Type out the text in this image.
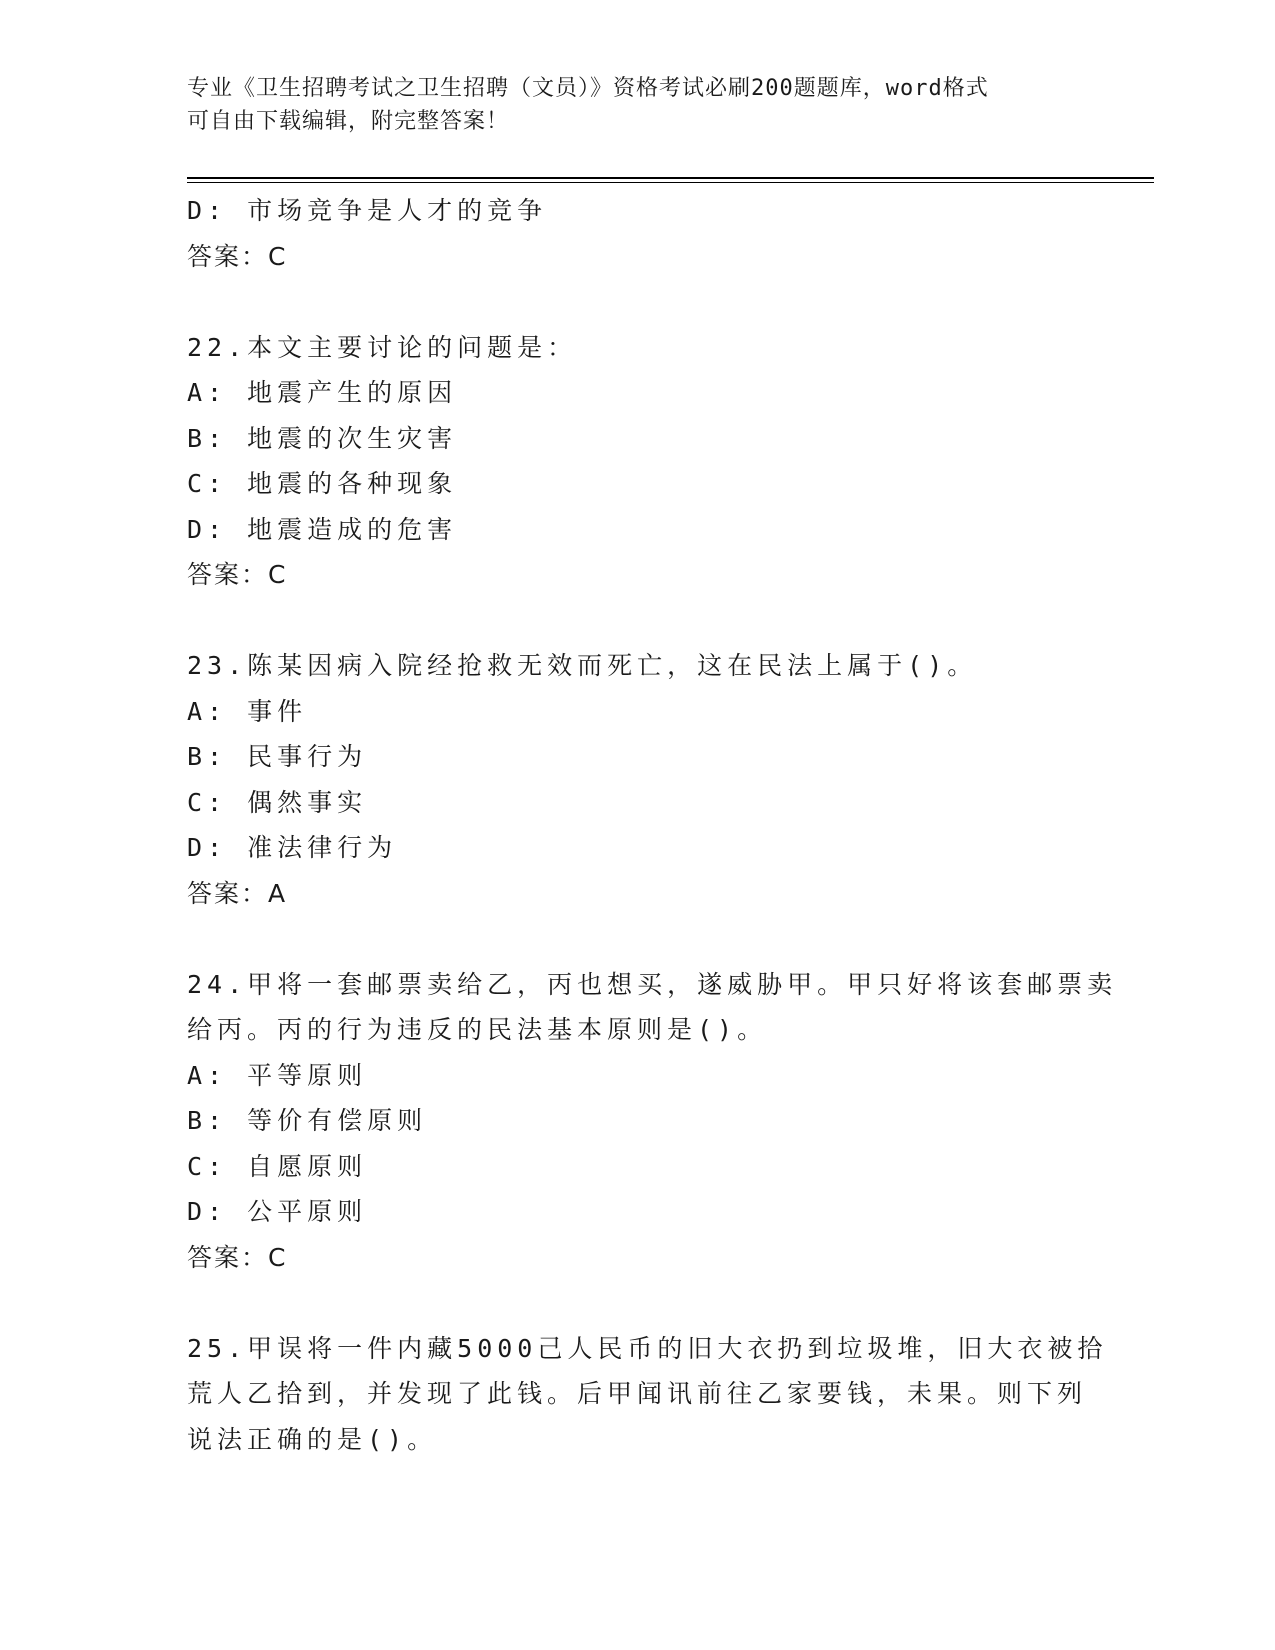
专业《卫生招聘考试之卫生招聘（文员）》资格考试必刷200题题库，word格式
可自由下载编辑，附完整答案！
D: 市场竞争是人才的竞争
答案：C
22.本文主要讨论的问题是：
A: 地震产生的原因
B: 地震的次生灾害
C: 地震的各种现象
D: 地震造成的危害
答案：C
23.陈某因病入院经抢救无效而死亡，这在民法上属于()。
A: 事件
B: 民事行为
C: 偶然事实
D: 准法律行为
答案：A
24.甲将一套邮票卖给乙，丙也想买，遂威胁甲。甲只好将该套邮票卖
给丙。丙的行为违反的民法基本原则是()。
A: 平等原则
B: 等价有偿原则
C: 自愿原则
D: 公平原则
答案：C
25.甲误将一件内藏5000己人民币的旧大衣扔到垃圾堆，旧大衣被拾
荒人乙拾到，并发现了此钱。后甲闻讯前往乙家要钱，未果。则下列
说法正确的是()。
